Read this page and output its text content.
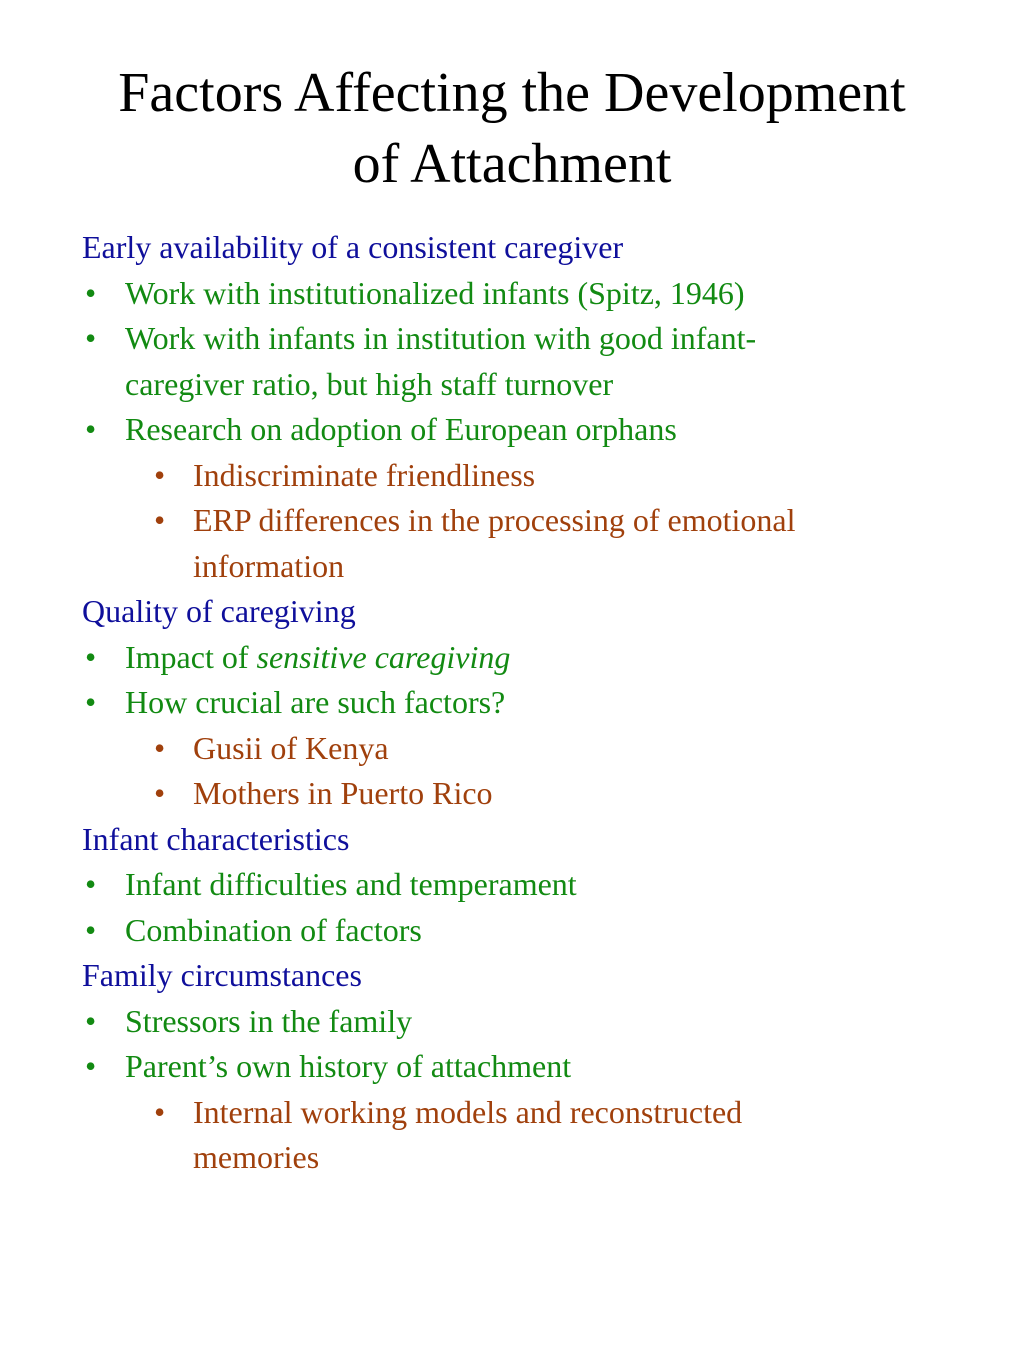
Factors Affecting the Development
of Attachment
Early availability of a consistent caregiver
• Work with institutionalized infants (Spitz, 1946)
• Work with infants in institution with good infant-
caregiver ratio, but high staff turnover
• Research on adoption of European orphans
• Indiscriminate friendliness
• ERP differences in the processing of emotional
information
Quality of caregiving
• Impact of sensitive caregiving
• How crucial are such factors?
• Gusii of Kenya
• Mothers in Puerto Rico
Infant characteristics
• Infant difficulties and temperament
• Combination of factors
Family circumstances
• Stressors in the family
• Parent’s own history of attachment
• Internal working models and reconstructed
memories
